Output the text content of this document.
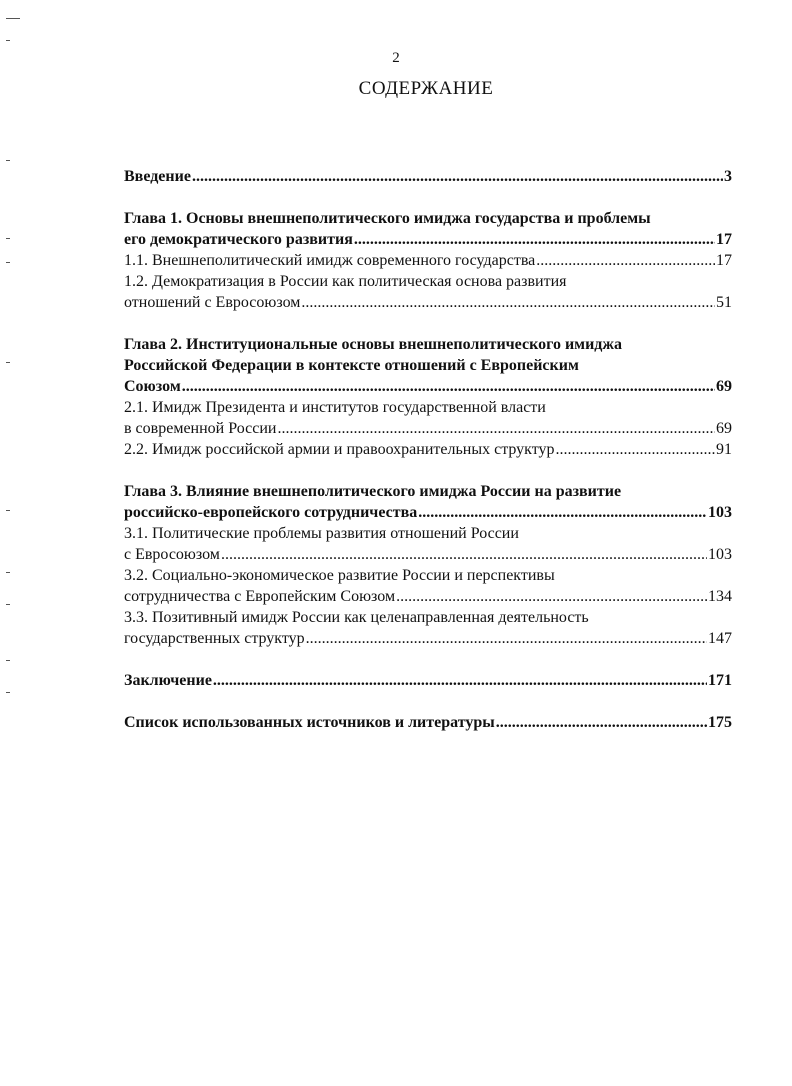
2
СОДЕРЖАНИЕ
Введение .....	3
Глава 1. Основы внешнеполитического имиджа государства и проблемы
его демократического развития .....	17
1.1. Внешнеполитический имидж современного государства .....	17
1.2. Демократизация в России как политическая основа развития
отношений с Евросоюзом .....	51
Глава 2. Институциональные основы внешнеполитического имиджа
Российской Федерации в контексте отношений с Европейским
Союзом .....	69
2.1. Имидж Президента и институтов государственной власти
в современной России .....	69
2.2. Имидж российской армии и правоохранительных структур .....	91
Глава 3. Влияние внешнеполитического имиджа России на развитие
российско-европейского сотрудничества .....	103
3.1. Политические проблемы развития отношений России
с Евросоюзом .....	103
3.2. Социально-экономическое развитие России и перспективы
сотрудничества с Европейским Союзом .....	134
3.3. Позитивный имидж России как целенаправленная деятельность
государственных структур .....	147
Заключение .....	171
Список использованных источников и литературы .....	175
